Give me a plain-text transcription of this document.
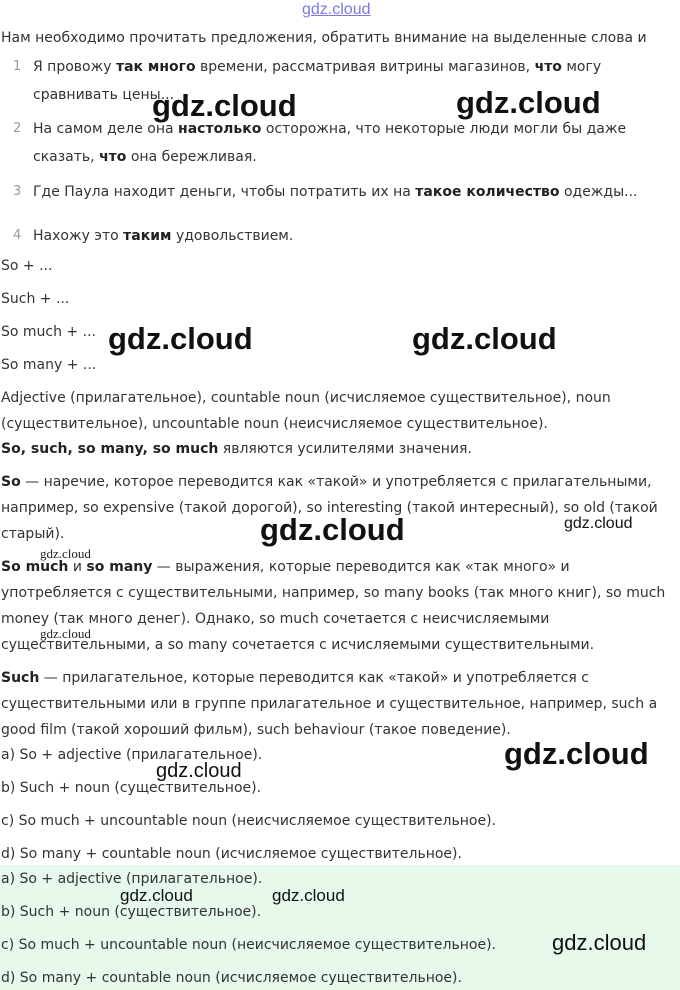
gdz.cloud
Нам необходимо прочитать предложения, обратить внимание на выделенные слова и
1 Я провожу так много времени, рассматривая витрины магазинов, что могу
сравнивать цены...
2 На самом деле она настолько осторожна, что некоторые люди могли бы даже
сказать, что она бережливая.
3 Где Паула находит деньги, чтобы потратить их на такое количество одежды...
4 Нахожу это таким удовольствием.
So + ...
Such + ...
So much + ...
So many + ...
Adjective (прилагательное), countable noun (исчисляемое существительное), noun
(существительное), uncountable noun (неисчисляемое существительное).
So, such, so many, so much являются усилителями значения.
So — наречие, которое переводится как «такой» и употребляется с прилагательными,
например, so expensive (такой дорогой), so interesting (такой интересный), so old (такой
старый).
So much и so many — выражения, которые переводится как «так много» и
употребляется с существительными, например, so many books (так много книг), so much
money (так много денег). Однако, so much сочетается с неисчисляемыми
существительными, а so many сочетается с исчисляемыми существительными.
Such — прилагательное, которые переводится как «такой» и употребляется с
существительными или в группе прилагательное и существительное, например, such a
good film (такой хороший фильм), such behaviour (такое поведение).
a) So + adjective (прилагательное).
b) Such + noun (существительное).
c) So much + uncountable noun (неисчисляемое существительное).
d) So many + countable noun (исчисляемое существительное).
a) So + adjective (прилагательное).
b) Such + noun (существительное).
c) So much + uncountable noun (неисчисляемое существительное).
d) So many + countable noun (исчисляемое существительное).
gdz.cloud	gdz.cloud
gdz.cloud	gdz.cloud
gdz.cloud	gdz.cloud
gdz.cloud
gdz.cloud
gdz.cloud
gdz.cloud
gdz.cloud	gdz.cloud
gdz.cloud
